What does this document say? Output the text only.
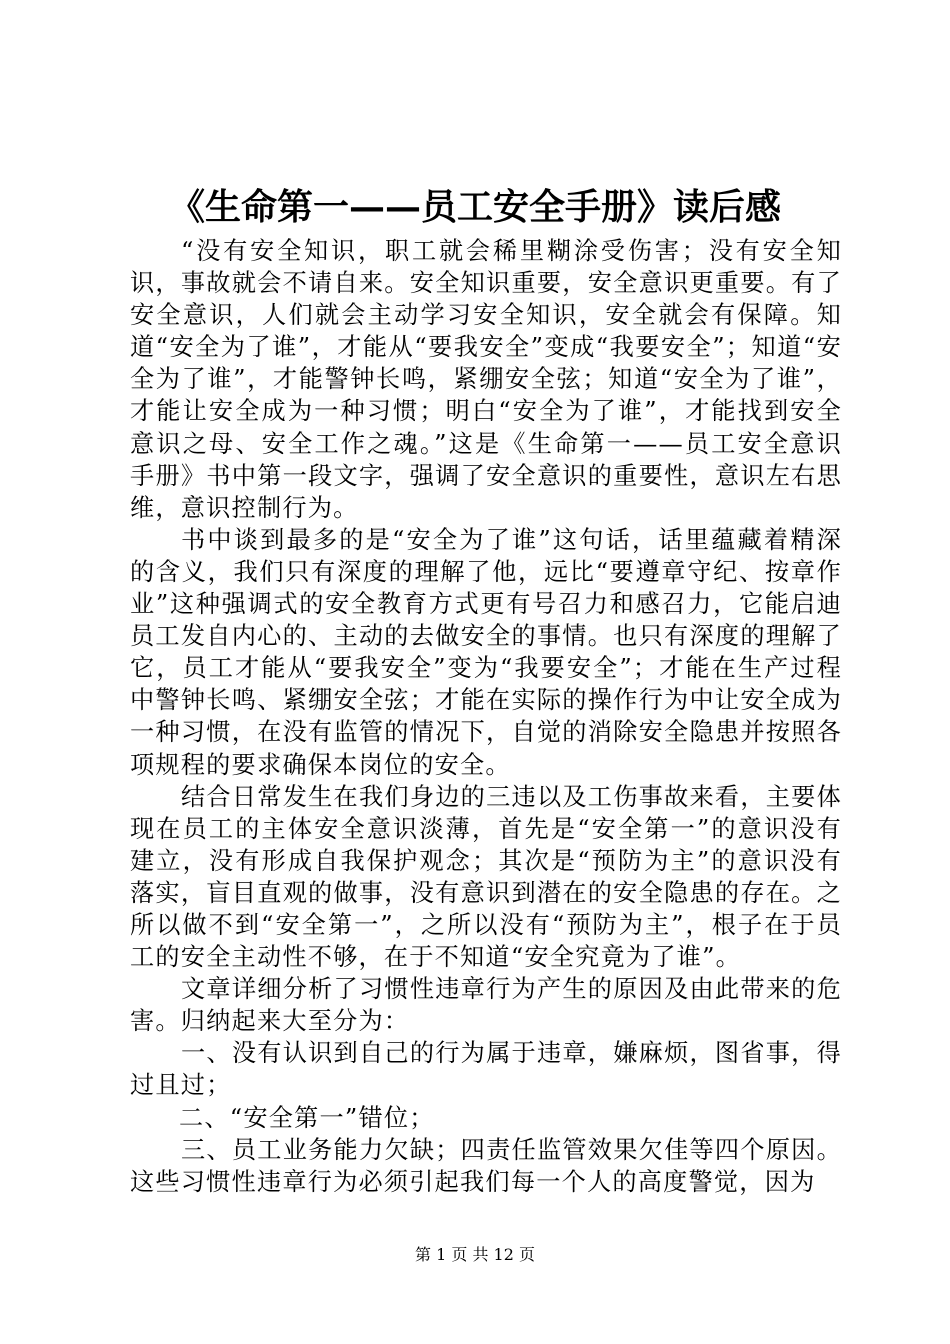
《生命第一——员工安全手册》读后感

“没有安全知识，职工就会稀里糊涂受伤害；没有安全知识，事故就会不请自来。安全知识重要，安全意识更重要。有了安全意识，人们就会主动学习安全知识，安全就会有保障。知道“安全为了谁”，才能从“要我安全”变成“我要安全”；知道“安全为了谁”，才能警钟长鸣，紧绷安全弦；知道“安全为了谁”，才能让安全成为一种习惯；明白“安全为了谁”，才能找到安全意识之母、安全工作之魂。”这是《生命第一——员工安全意识手册》书中第一段文字，强调了安全意识的重要性，意识左右思维，意识控制行为。

书中谈到最多的是“安全为了谁”这句话，话里蕴藏着精深的含义，我们只有深度的理解了他，远比“要遵章守纪、按章作业”这种强调式的安全教育方式更有号召力和感召力，它能启迪员工发自内心的、主动的去做安全的事情。也只有深度的理解了它，员工才能从“要我安全”变为“我要安全”；才能在生产过程中警钟长鸣、紧绷安全弦；才能在实际的操作行为中让安全成为一种习惯，在没有监管的情况下，自觉的消除安全隐患并按照各项规程的要求确保本岗位的安全。

结合日常发生在我们身边的三违以及工伤事故来看，主要体现在员工的主体安全意识淡薄，首先是“安全第一”的意识没有建立，没有形成自我保护观念；其次是“预防为主”的意识没有落实，盲目直观的做事，没有意识到潜在的安全隐患的存在。之所以做不到“安全第一”，之所以没有“预防为主”，根子在于员工的安全主动性不够，在于不知道“安全究竟为了谁”。

文章详细分析了习惯性违章行为产生的原因及由此带来的危害。归纳起来大至分为：

一、没有认识到自己的行为属于违章，嫌麻烦，图省事，得过且过；

二、“安全第一”错位；

三、员工业务能力欠缺；四责任监管效果欠佳等四个原因。这些习惯性违章行为必须引起我们每一个人的高度警觉，因为

第 1 页 共 12 页
